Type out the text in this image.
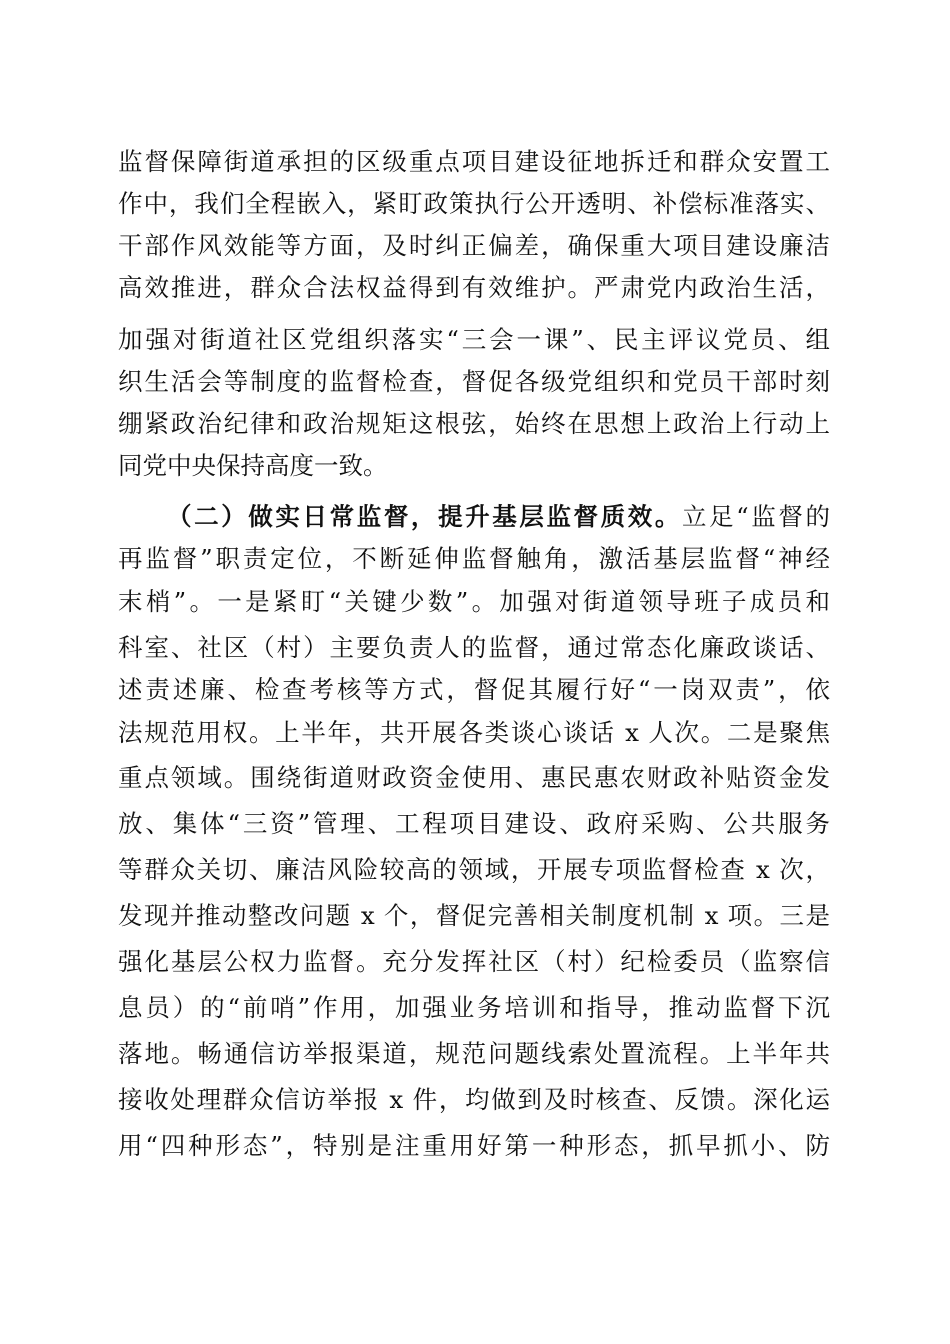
监督保障街道承担的区级重点项目建设征地拆迁和群众安置工
作中，我们全程嵌入，紧盯政策执行公开透明、补偿标准落实、
干部作风效能等方面，及时纠正偏差，确保重大项目建设廉洁
高效推进，群众合法权益得到有效维护。严肃党内政治生活，
加强对街道社区党组织落实“三会一课”、民主评议党员、组
织生活会等制度的监督检查，督促各级党组织和党员干部时刻
绷紧政治纪律和政治规矩这根弦，始终在思想上政治上行动上
同党中央保持高度一致。
（二）做实日常监督，提升基层监督质效。立足“监督的
再监督”职责定位，不断延伸监督触角，激活基层监督“神经
末梢”。一是紧盯“关键少数”。加强对街道领导班子成员和
科室、社区（村）主要负责人的监督，通过常态化廉政谈话、
述责述廉、检查考核等方式，督促其履行好“一岗双责”，依
法规范用权。上半年，共开展各类谈心谈话 x 人次。二是聚焦
重点领域。围绕街道财政资金使用、惠民惠农财政补贴资金发
放、集体“三资”管理、工程项目建设、政府采购、公共服务
等群众关切、廉洁风险较高的领域，开展专项监督检查 x 次，
发现并推动整改问题 x 个，督促完善相关制度机制 x 项。三是
强化基层公权力监督。充分发挥社区（村）纪检委员（监察信
息员）的“前哨”作用，加强业务培训和指导，推动监督下沉
落地。畅通信访举报渠道，规范问题线索处置流程。上半年共
接收处理群众信访举报 x 件，均做到及时核查、反馈。深化运
用“四种形态”，特别是注重用好第一种形态，抓早抓小、防
